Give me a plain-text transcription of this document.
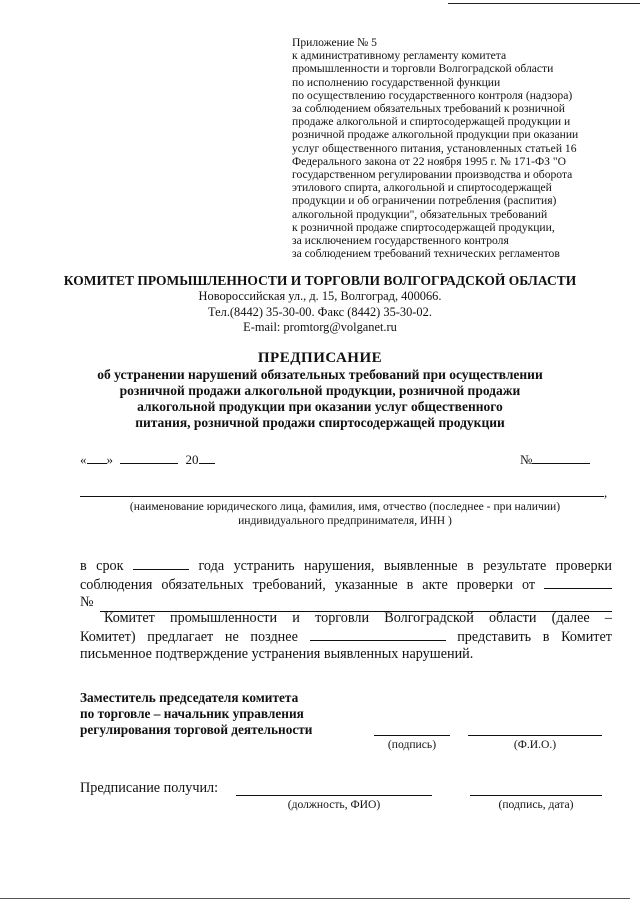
Приложение № 5
к административному регламенту комитета
промышленности и торговли Волгоградской области
по исполнению государственной функции
по осуществлению государственного контроля (надзора)
за соблюдением обязательных требований к розничной
продаже алкогольной и спиртосодержащей продукции и
розничной продаже алкогольной продукции при оказании
услуг общественного питания, установленных статьей 16
Федерального закона от 22 ноября 1995 г. № 171-ФЗ "О
государственном регулировании производства и оборота
этилового спирта, алкогольной и спиртосодержащей
продукции и об ограничении потребления (распития)
алкогольной продукции", обязательных требований
к розничной продаже спиртосодержащей продукции,
за исключением государственного контроля
за соблюдением требований технических регламентов
КОМИТЕТ ПРОМЫШЛЕННОСТИ И ТОРГОВЛИ ВОЛГОГРАДСКОЙ ОБЛАСТИ
Новороссийская ул., д. 15, Волгоград, 400066.
Тел.(8442) 35-30-00. Факс (8442) 35-30-02.
E-mail: promtorg@volganet.ru
ПРЕДПИСАНИЕ
об устранении нарушений обязательных требований при осуществлении
розничной продажи алкогольной продукции, розничной продажи
алкогольной продукции при оказании услуг общественного
питания, розничной продажи спиртосодержащей продукции
« »	20	№
,
(наименование юридического лица, фамилия, имя, отчество (последнее - при наличии)
индивидуального предпринимателя, ИНН )
в срок	года устранить нарушения, выявленные в результате проверки
соблюдения обязательных требований, указанные в акте проверки от
№
Комитет промышленности и торговли Волгоградской области (далее –
Комитет) предлагает не позднее	представить в Комитет
письменное подтверждение устранения выявленных нарушений.
Заместитель председателя комитета
по торговле – начальник управления
регулирования торговой деятельности
(подпись)	(Ф.И.О.)
Предписание получил:
(должность, ФИО)	(подпись, дата)
